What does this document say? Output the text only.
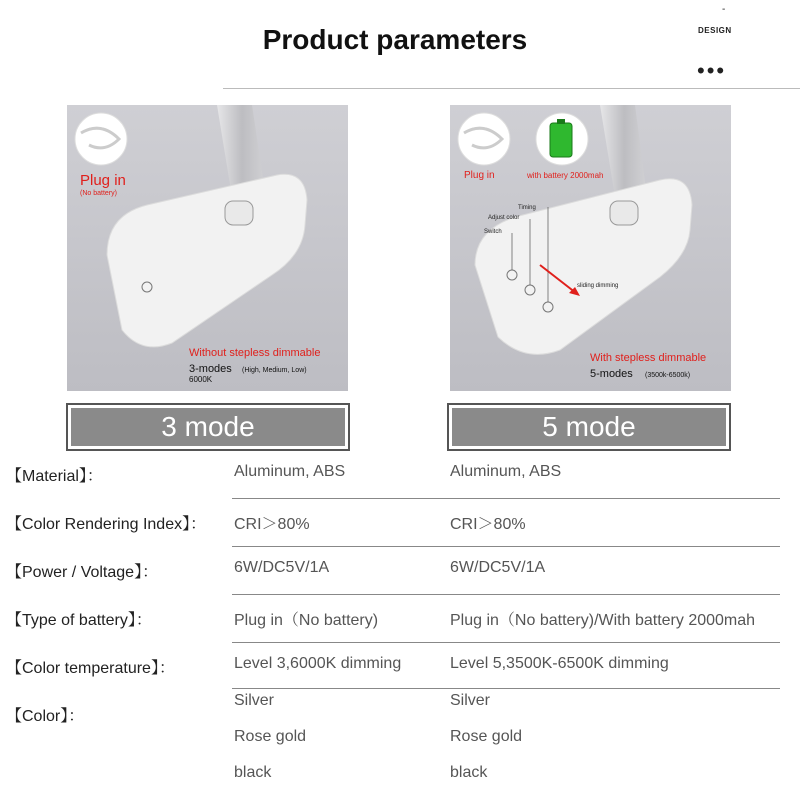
Product parameters
-
DESIGN
•••
Plug in
(No battery)
Without stepless dimmable
3-modes (High, Medium, Low)
6000K
Plug in	with battery 2000mah
Timing
Adjust color
Switch
sliding dimming
With stepless dimmable
5-modes (3500k-6500k)
3 mode	5 mode
【Material】：	Aluminum, ABS	Aluminum, ABS
【Color Rendering Index】： CRI＞80%	CRI＞80%
【Power / Voltage】：	6W/DC5V/1A	6W/DC5V/1A
【Type of battery】：	Plug in（No battery)	Plug in（No battery)/With battery 2000mah
【Color temperature】：	Level 3,6000K dimming	Level 5,3500K-6500K dimming
【Color】：
Silver	Silver
Rose gold	Rose gold
black	black
